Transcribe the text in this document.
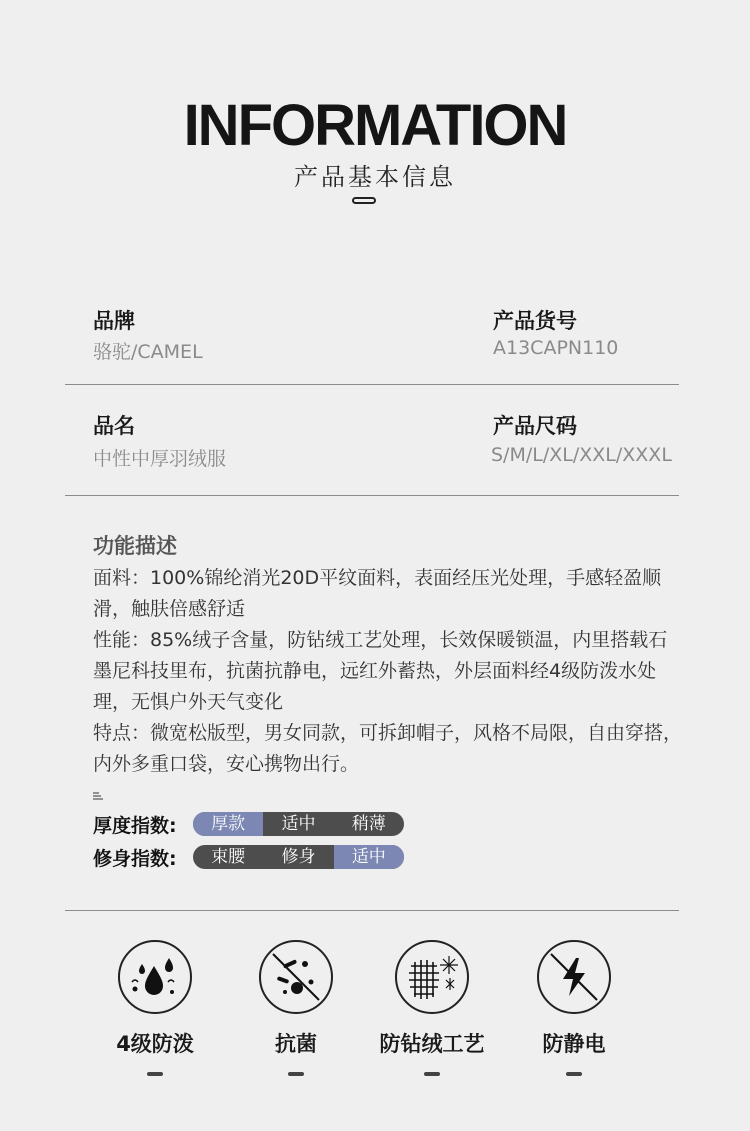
INFORMATION
产品基本信息
品牌
骆驼/CAMEL
产品货号
A13CAPN110
品名
中性中厚羽绒服
产品尺码
S/M/L/XL/XXL/XXXL
功能描述

面料：100%锦纶消光20D平纹面料，表面经压光处理，手感轻盈顺滑，触肤倍感舒适

性能：85%绒子含量，防钻绒工艺处理，长效保暖锁温，内里搭载石墨尼科技里布，抗菌抗静电，远红外蓄热，外层面料经4级防泼水处理，无惧户外天气变化

特点：微宽松版型，男女同款，可拆卸帽子，风格不局限，自由穿搭，内外多重口袋，安心携物出行。

厚度指数:	厚款	适中	稍薄
修身指数:	束腰	修身	适中
4级防泼	抗菌	防钻绒工艺	防静电
